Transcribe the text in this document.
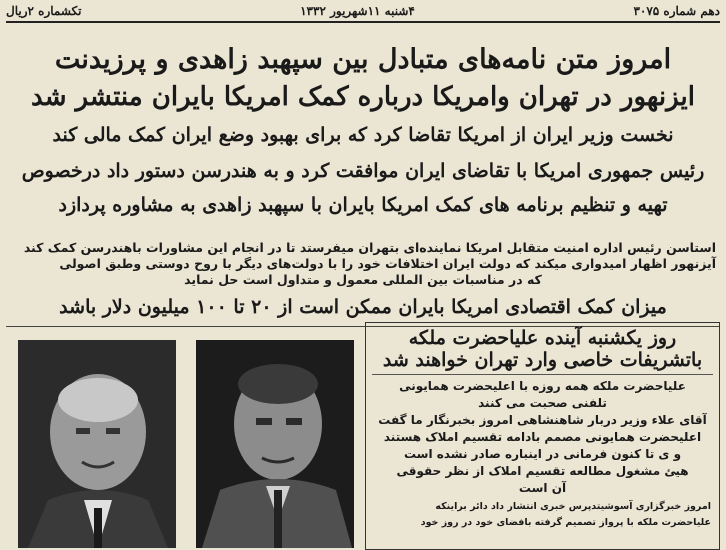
دهم شماره ۳۰۷۵
۴شنبه ۱۱شهریور ۱۳۳۲
تکشماره ۲ریال
امروز متن نامه‌های متبادل بین سپهبد زاهدی و پرزیدنت
ایزنهور در تهران وامریکا درباره کمک امریکا بایران منتشر شد
نخست وزیر ایران از امریکا تقاضا کرد که برای بهبود وضع ایران کمک مالی کند
رئیس جمهوری امریکا با تقاضای ایران موافقت کرد و به هندرسن دستور داد درخصوص
تهیه و تنظیم برنامه های کمک امریکا بایران با سپهبد زاهدی به مشاوره پردازد
استاسن رئیس اداره امنیت متقابل امریکا نماینده‌ای بتهران میفرستد تا در انجام این مشاورات باهندرسن کمک کند
آیزنهور اظهار امیدواری میکند که دولت ایران اختلافات خود را با دولت‌های دیگر با روح دوستی وطبق اصولی
که در مناسبات بین المللی معمول و متداول است حل نماید
میزان کمک اقتصادی امریکا بایران ممکن است از ۲۰ تا ۱۰۰ میلیون دلار باشد
روز یکشنبه آینده علیاحضرت ملکه
باتشریفات خاصی وارد تهران خواهند شد
علیاحضرت ملکه همه روزه با اعلیحضرت همایونی
تلفنی صحبت می کنند
آقای علاء وزیر دربار شاهنشاهی امروز بخبرنگار ما گفت
اعلیحضرت همایونی مصمم بادامه تقسیم املاک هستند
و ی تا کنون فرمانی در اینباره صادر نشده است
هیئ مشغول مطالعه تقسیم املاک از نظر حقوقی
آن است
امروز خبرگزاری آسوشیتدپرس خبری انتشار داد دائر براینکه
علیاحضرت ملکه با پرواز تصمیم گرفته بافضای خود در روز خود
